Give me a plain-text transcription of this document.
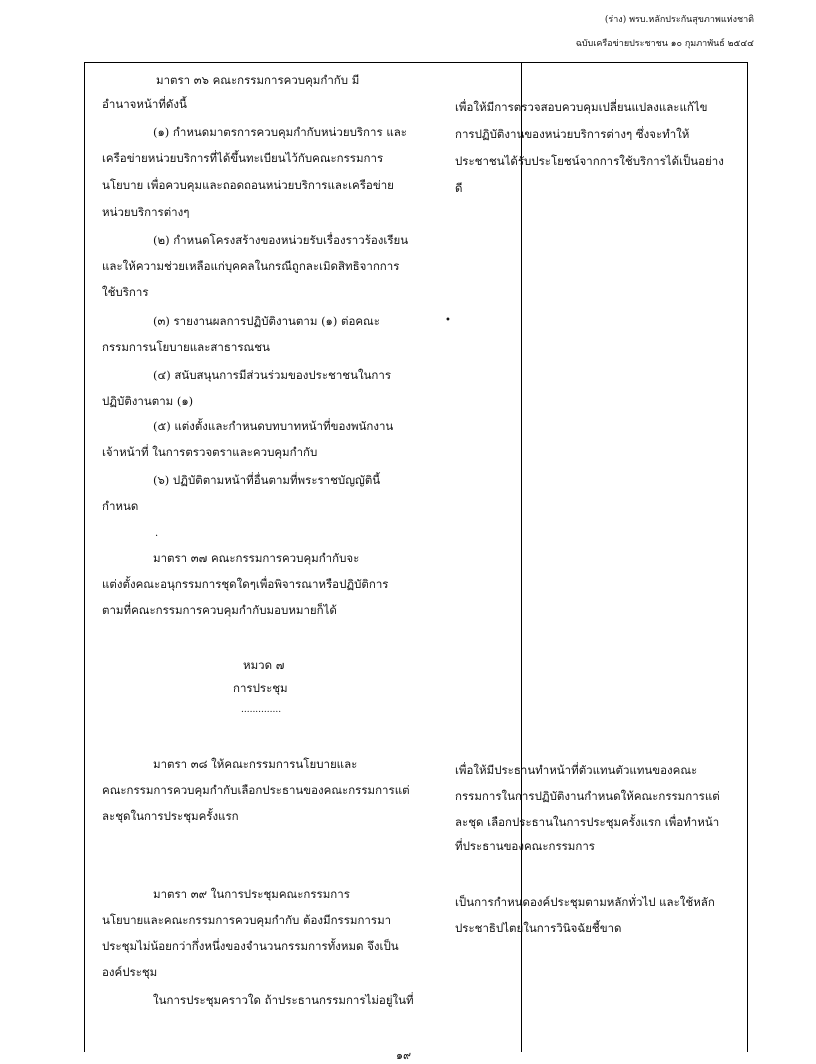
(ร่าง) พรบ.หลักประกันสุขภาพแห่งชาติ
ฉบับเครือข่ายประชาชน ๑๐ กุมภาพันธ์ ๒๕๔๔
มาตรา ๓๖ คณะกรรมการควบคุมกำกับ มี
อำนาจหน้าที่ดังนี้
(๑) กำหนดมาตรการควบคุมกำกับหน่วยบริการ และ
เครือข่ายหน่วยบริการที่ได้ขึ้นทะเบียนไว้กับคณะกรรมการ
นโยบาย เพื่อควบคุมและถอดถอนหน่วยบริการและเครือข่าย
หน่วยบริการต่างๆ
(๒) กำหนดโครงสร้างของหน่วยรับเรื่องราวร้องเรียน
และให้ความช่วยเหลือแก่บุคคลในกรณีถูกละเมิดสิทธิจากการ
ใช้บริการ
(๓) รายงานผลการปฏิบัติงานตาม (๑) ต่อคณะ
กรรมการนโยบายและสาธารณชน
(๔) สนับสนุนการมีส่วนร่วมของประชาชนในการ
ปฏิบัติงานตาม (๑)
(๕) แต่งตั้งและกำหนดบทบาทหน้าที่ของพนักงาน
เจ้าหน้าที่ ในการตรวจตราและควบคุมกำกับ
(๖) ปฏิบัติตามหน้าที่อื่นตามที่พระราชบัญญัตินี้
กำหนด
·
มาตรา ๓๗ คณะกรรมการควบคุมกำกับจะ
แต่งตั้งคณะอนุกรรมการชุดใดๆเพื่อพิจารณาหรือปฏิบัติการ
ตามที่คณะกรรมการควบคุมกำกับมอบหมายก็ได้
หมวด ๗
การประชุม
..............
มาตรา ๓๘ ให้คณะกรรมการนโยบายและ
คณะกรรมการควบคุมกำกับเลือกประธานของคณะกรรมการแต่
ละชุดในการประชุมครั้งแรก
มาตรา ๓๙ ในการประชุมคณะกรรมการ
นโยบายและคณะกรรมการควบคุมกำกับ ต้องมีกรรมการมา
ประชุมไม่น้อยกว่ากึ่งหนึ่งของจำนวนกรรมการทั้งหมด จึงเป็น
องค์ประชุม
ในการประชุมคราวใด ถ้าประธานกรรมการไม่อยู่ในที่
เพื่อให้มีการตรวจสอบควบคุมเปลี่ยนแปลงและแก้ไข
การปฏิบัติงานของหน่วยบริการต่างๆ ซึ่งจะทำให้
ประชาชนได้รับประโยชน์จากการใช้บริการได้เป็นอย่าง
ดี
•
เพื่อให้มีประธานทำหน้าที่ตัวแทนตัวแทนของคณะ
กรรมการในการปฏิบัติงานกำหนดให้คณะกรรมการแต่
ละชุด เลือกประธานในการประชุมครั้งแรก เพื่อทำหน้า
ที่ประธานของคณะกรรมการ
เป็นการกำหนดองค์ประชุมตามหลักทั่วไป และใช้หลัก
ประชาธิปไตยในการวินิจฉัยชี้ขาด
๑๙
